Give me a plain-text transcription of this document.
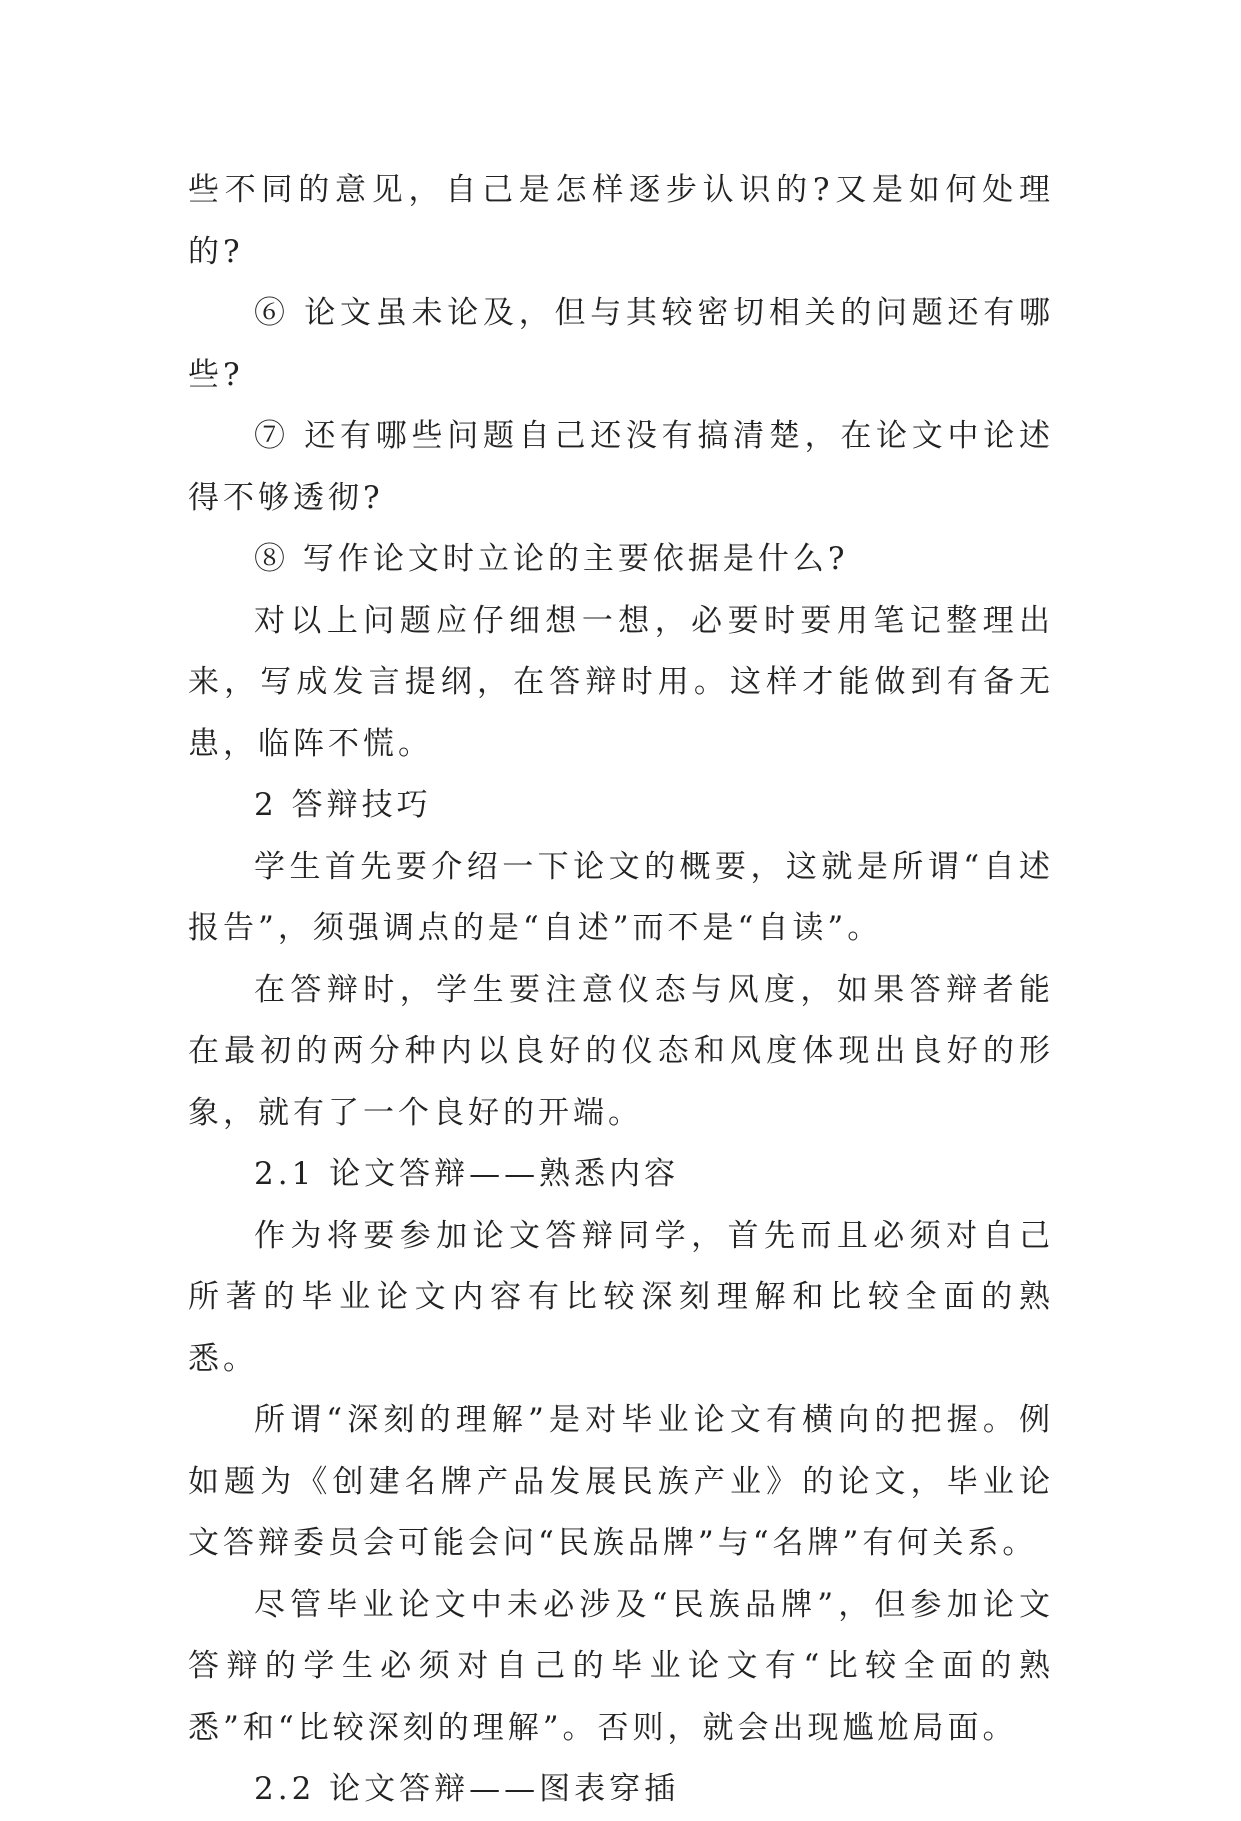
些不同的意见，自己是怎样逐步认识的?又是如何处理的?

⑥ 论文虽未论及，但与其较密切相关的问题还有哪些?

⑦ 还有哪些问题自己还没有搞清楚，在论文中论述得不够透彻?

⑧ 写作论文时立论的主要依据是什么?

对以上问题应仔细想一想，必要时要用笔记整理出来，写成发言提纲，在答辩时用。这样才能做到有备无患，临阵不慌。

2 答辩技巧

学生首先要介绍一下论文的概要，这就是所谓“自述报告”，须强调点的是“自述”而不是“自读”。

在答辩时，学生要注意仪态与风度，如果答辩者能在最初的两分种内以良好的仪态和风度体现出良好的形象，就有了一个良好的开端。

2.1 论文答辩——熟悉内容

作为将要参加论文答辩同学，首先而且必须对自己所著的毕业论文内容有比较深刻理解和比较全面的熟悉。

所谓“深刻的理解”是对毕业论文有横向的把握。例如题为《创建名牌产品发展民族产业》的论文，毕业论文答辩委员会可能会问“民族品牌”与“名牌”有何关系。

尽管毕业论文中未必涉及“民族品牌”，但参加论文答辩的学生必须对自己的毕业论文有“比较全面的熟悉”和“比较深刻的理解”。否则，就会出现尴尬局面。

2.2 论文答辩——图表穿插
